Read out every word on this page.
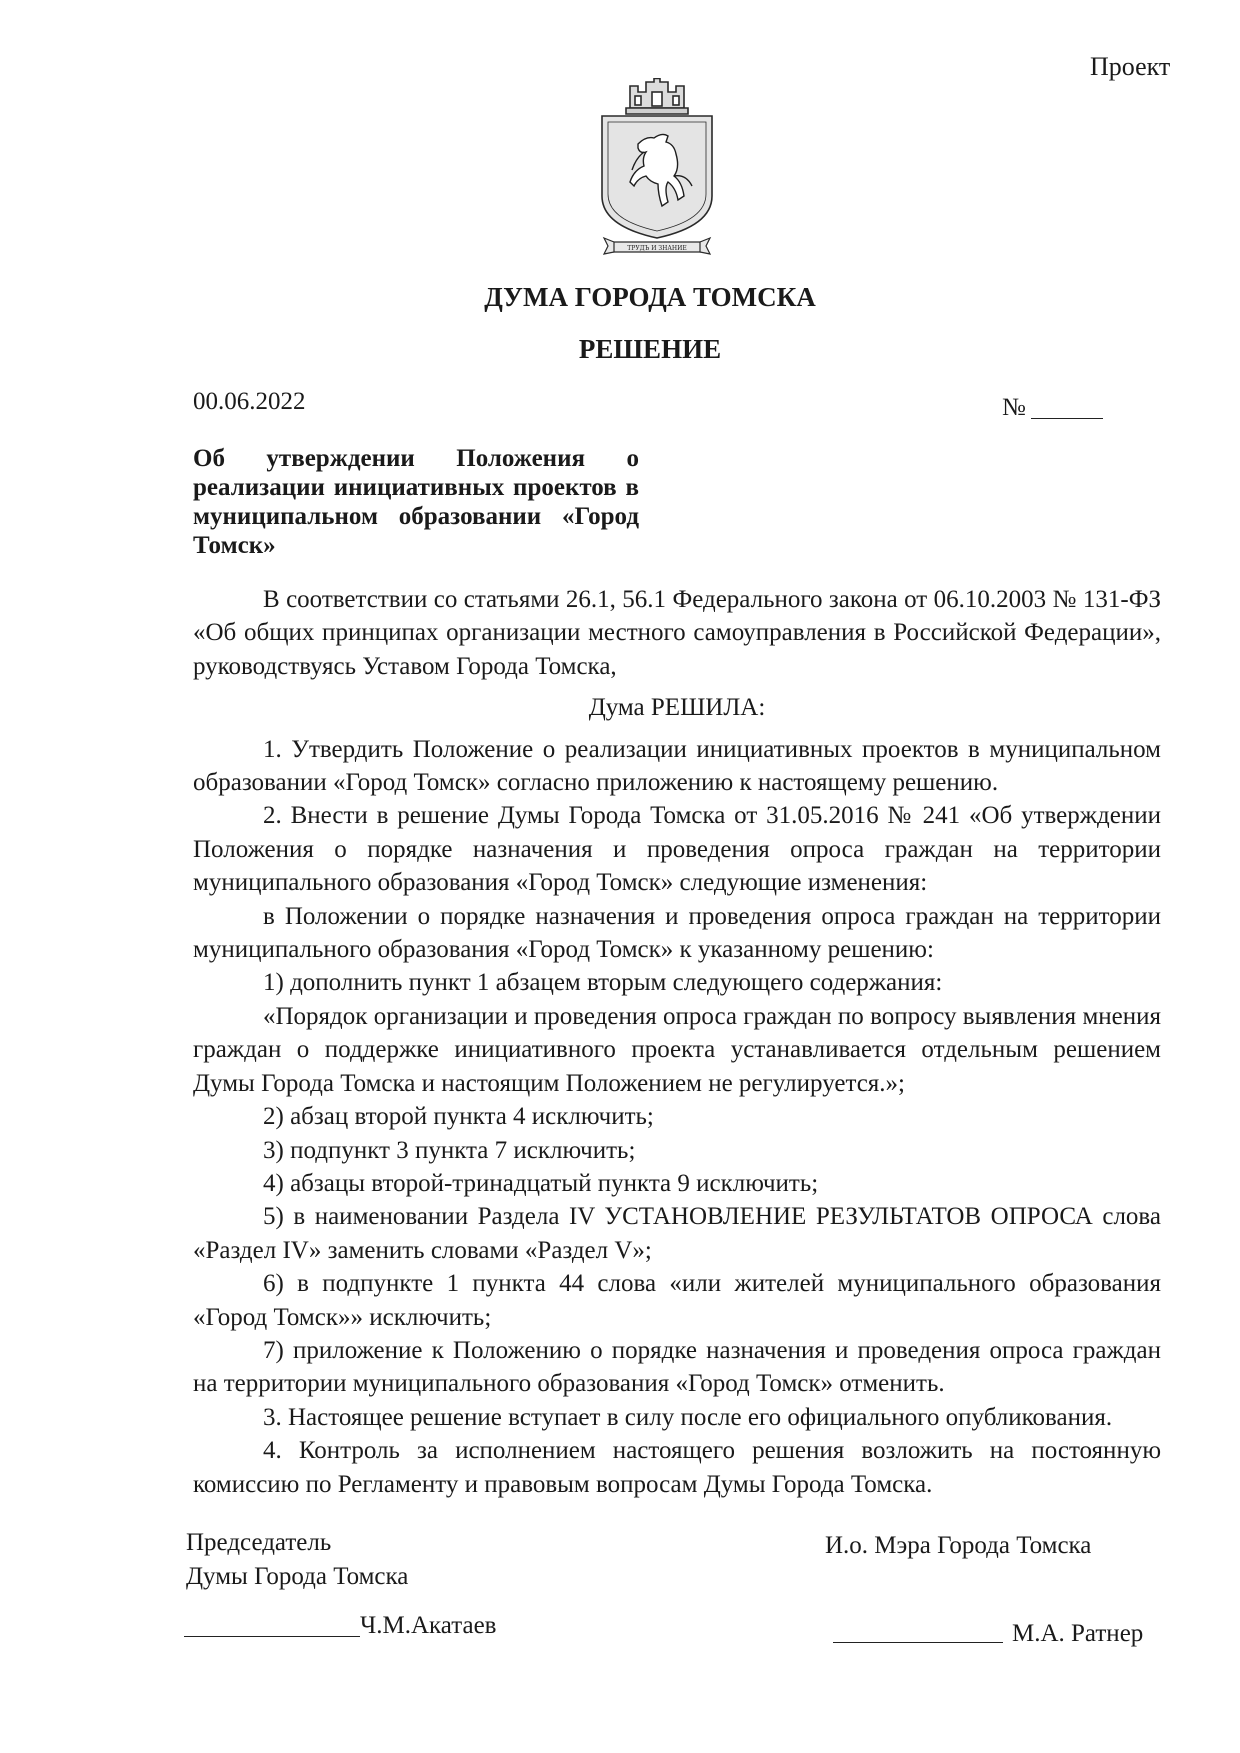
Проект
ТРУДЪ И ЗНАНИЕ
ДУМА ГОРОДА ТОМСКА
РЕШЕНИЕ
00.06.2022	№
Об утверждении Положения о
реализации инициативных проектов в
муниципальном образовании «Город
Томск»

В соответствии со статьями 26.1, 56.1 Федерального закона от 06.10.2003 № 131-ФЗ «Об общих принципах организации местного самоуправления в Российской Федерации», руководствуясь Уставом Города Томска,

Дума РЕШИЛА:

1. Утвердить Положение о реализации инициативных проектов в муниципальном образовании «Город Томск» согласно приложению к настоящему решению.

2. Внести в решение Думы Города Томска от 31.05.2016 № 241 «Об утверждении Положения о порядке назначения и проведения опроса граждан на территории муниципального образования «Город Томск» следующие изменения:

в Положении о порядке назначения и проведения опроса граждан на территории муниципального образования «Город Томск» к указанному решению:

1) дополнить пункт 1 абзацем вторым следующего содержания:

«Порядок организации и проведения опроса граждан по вопросу выявления мнения граждан о поддержке инициативного проекта устанавливается отдельным решением Думы Города Томска и настоящим Положением не регулируется.»;

2) абзац второй пункта 4 исключить;

3) подпункт 3 пункта 7 исключить;

4) абзацы второй-тринадцатый пункта 9 исключить;

5) в наименовании Раздела IV УСТАНОВЛЕНИЕ РЕЗУЛЬТАТОВ ОПРОСА слова «Раздел IV» заменить словами «Раздел V»;

6) в подпункте 1 пункта 44 слова «или жителей муниципального образования «Город Томск»» исключить;

7) приложение к Положению о порядке назначения и проведения опроса граждан на территории муниципального образования «Город Томск» отменить.

3. Настоящее решение вступает в силу после его официального опубликования.

4. Контроль за исполнением настоящего решения возложить на постоянную комиссию по Регламенту и правовым вопросам Думы Города Томска.

Председатель
Думы Города Томска
И.о. Мэра Города Томска
Ч.М.Акатаев	М.А. Ратнер
